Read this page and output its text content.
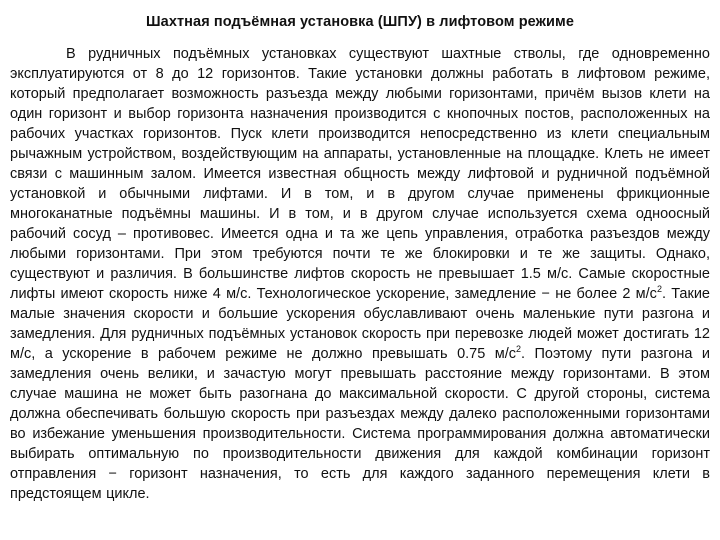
Шахтная подъёмная установка (ШПУ) в лифтовом режиме

В рудничных подъёмных установках существуют шахтные стволы, где одновременно эксплуатируются от 8 до 12 горизонтов. Такие установки должны работать в лифтовом режиме, который предполагает возможность разъезда между любыми горизонтами, причём вызов клети на один горизонт и выбор горизонта назначения производится с кнопочных постов, расположенных на рабочих участках горизонтов. Пуск клети производится непосредственно из клети специальным рычажным устройством, воздействующим на аппараты, установленные на площадке. Клеть не имеет связи с машинным залом. Имеется известная общность между лифтовой и рудничной подъёмной установкой и обычными лифтами. И в том, и в другом случае применены фрикционные многоканатные подъёмны машины. И в том, и в другом случае используется схема одноосный рабочий сосуд – противовес. Имеется одна и та же цепь управления, отработка разъездов между любыми горизонтами. При этом требуются почти те же блокировки и те же защиты. Однако, существуют и различия. В большинстве лифтов скорость не превышает 1.5 м/с. Самые скоростные лифты имеют скорость ниже 4 м/с. Технологическое ускорение, замедление − не более 2 $м/с^2$. Такие малые значения скорости и большие ускорения обуславливают очень маленькие пути разгона и замедления. Для рудничных подъёмных установок скорость при перевозке людей может достигать 12 м/с, а ускорение в рабочем режиме не должно превышать 0.75 $м/с^2$. Поэтому пути разгона и замедления очень велики, и зачастую могут превышать расстояние между горизонтами. В этом случае машина не может быть разогнана до максимальной скорости. С другой стороны, система должна обеспечивать большую скорость при разъездах между далеко расположенными горизонтами во избежание уменьшения производительности. Система программирования должна автоматически выбирать оптимальную по производительности движения для каждой комбинации горизонт отправления − горизонт назначения, то есть для каждого заданного перемещения клети в предстоящем цикле.
